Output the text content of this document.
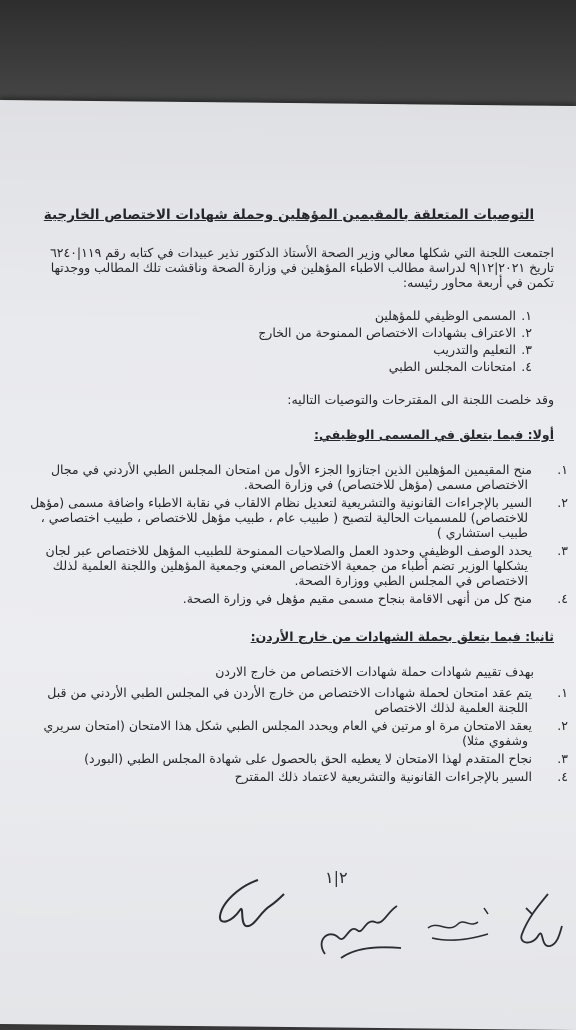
التوصيات المتعلقة بالمقيمين المؤهلين وحملة شهادات الاختصاص الخارجية

اجتمعت اللجنة التي شكلها معالي وزير الصحة الأستاذ الدكتور نذير عبيدات في كتابه رقم ١١٩|٦٢٤٠ تاريخ ٢٠٢١|١٢|٩ لدراسة مطالب الاطباء المؤهلين في وزارة الصحة وناقشت تلك المطالب ووجدتها تكمن في أربعة محاور رئيسه:

١.المسمى الوظيفي للمؤهلين
٢.الاعتراف بشهادات الاختصاص الممنوحة من الخارج
٣.التعليم والتدريب
٤.امتحانات المجلس الطبي

وقد خلصت اللجنة الى المقترحات والتوصيات التاليه:

أولا: فيما يتعلق في المسمى الوظيفي:

١.منح المقيمين المؤهلين الذين اجتازوا الجزء الأول من امتحان المجلس الطبي الأردني في مجال الاختصاص مسمى (مؤهل للاختصاص) في وزارة الصحة.
٢.السير بالإجراءات القانونية والتشريعية لتعديل نظام الالقاب في نقابة الاطباء واضافة مسمى (مؤهل للاختصاص) للمسميات الحالية لتصبح ( طبيب عام ، طبيب مؤهل للاختصاص ، طبيب اختصاصي ، طبيب استشاري )
٣.يحدد الوصف الوظيفي وحدود العمل والصلاحيات الممنوحة للطبيب المؤهل للاختصاص عبر لجان يشكلها الوزير تضم أطباء من جمعية الاختصاص المعني وجمعية المؤهلين واللجنة العلمية لذلك الاختصاص في المجلس الطبي ووزارة الصحة.
٤.منح كل من أنهى الاقامة بنجاح مسمى مقيم مؤهل في وزارة الصحة.

ثانيا: فيما يتعلق بحملة الشهادات من خارج الأردن:

بهدف تقييم شهادات حملة شهادات الاختصاص من خارج الاردن

١.يتم عقد امتحان لحملة شهادات الاختصاص من خارج الأردن في المجلس الطبي الأردني من قبل اللجنة العلمية لذلك الاختصاص
٢.يعقد الامتحان مرة او مرتين في العام ويحدد المجلس الطبي شكل هذا الامتحان (امتحان سريري وشفوي مثلا)
٣.نجاح المتقدم لهذا الامتحان لا يعطيه الحق بالحصول على شهادة المجلس الطبي (البورد)
٤.السير بالإجراءات القانونية والتشريعية لاعتماد ذلك المقترح
٢|١
